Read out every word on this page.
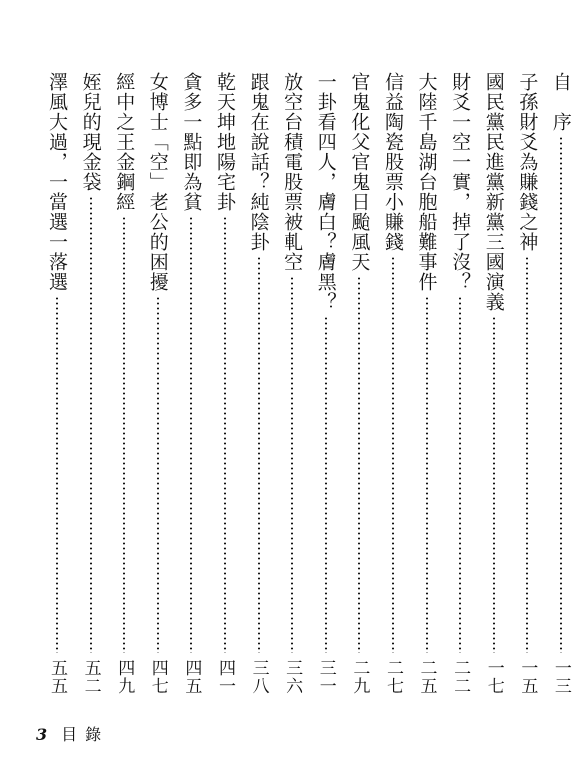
自　序
一三
子孫財爻為賺錢之神
一五
國民黨民進黨新黨三國演義
一七
財爻一空一實，掉了沒？
二二
大陸千島湖台胞船難事件
二五
信益陶瓷股票小賺錢
二七
官鬼化父官鬼日颱風天
二九
一卦看四人，膚白？膚黑？
三一
放空台積電股票被軋空
三六
跟鬼在說話？純陰卦
三八
乾天坤地陽宅卦
四一
貪多一點即為貧
四五
女博士「空」老公的困擾
四七
經中之王金鋼經
四九
姪兒的現金袋
五二
澤風大過，一當選一落選
五五
3 目錄
